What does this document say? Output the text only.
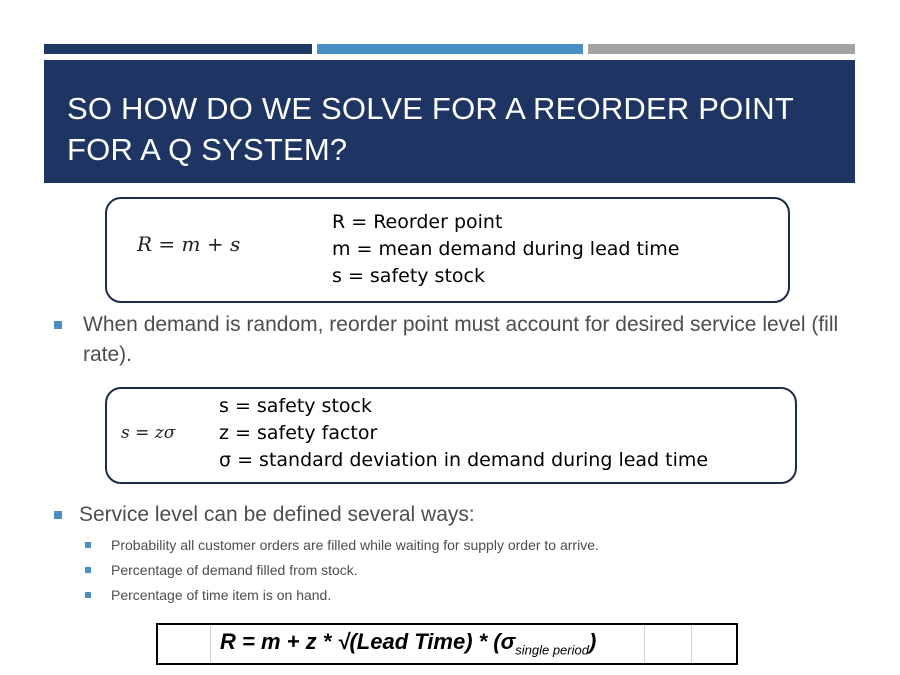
SO HOW DO WE SOLVE FOR A REORDER POINT FOR A Q SYSTEM?
R = m + s
R = Reorder point
m = mean demand during lead time
s = safety stock
When demand is random, reorder point must account for desired service level (fill rate).
s = zσ
s = safety stock
z = safety factor
σ = standard deviation in demand during lead time
Service level can be defined several ways:
Probability all customer orders are filled while waiting for supply order to arrive.
Percentage of demand filled from stock.
Percentage of time item is on hand.
R = m + z * √(Lead Time) * $(\sigma_{single period})$
